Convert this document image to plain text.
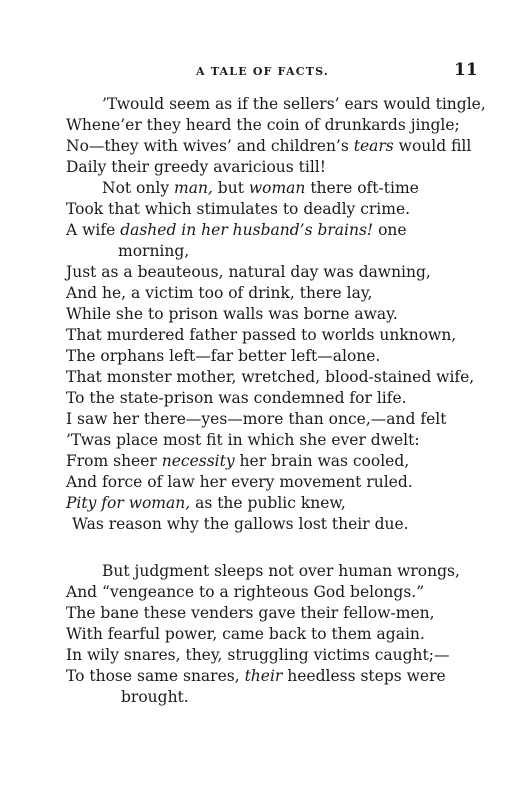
A TALE OF FACTS.	11
’Twould seem as if the sellers’ ears would tingle,
Whene’er they heard the coin of drunkards jingle;
No—they with wives’ and children’s tears would fill
Daily their greedy avaricious till!
Not only man, but woman there oft-time
Took that which stimulates to deadly crime.
A wife dashed in her husband’s brains! one
morning,
Just as a beauteous, natural day was dawning,
And he, a victim too of drink, there lay,
While she to prison walls was borne away.
That murdered father passed to worlds unknown,
The orphans left—far better left—alone.
That monster mother, wretched, blood-stained wife,
To the state-prison was condemned for life.
I saw her there—yes—more than once,—and felt
’Twas place most fit in which she ever dwelt:
From sheer necessity her brain was cooled,
And force of law her every movement ruled.
Pity for woman, as the public knew,
Was reason why the gallows lost their due.
But judgment sleeps not over human wrongs,
And “vengeance to a righteous God belongs.”
The bane these venders gave their fellow-men,
With fearful power, came back to them again.
In wily snares, they, struggling victims caught;—
To those same snares, their heedless steps were
brought.
